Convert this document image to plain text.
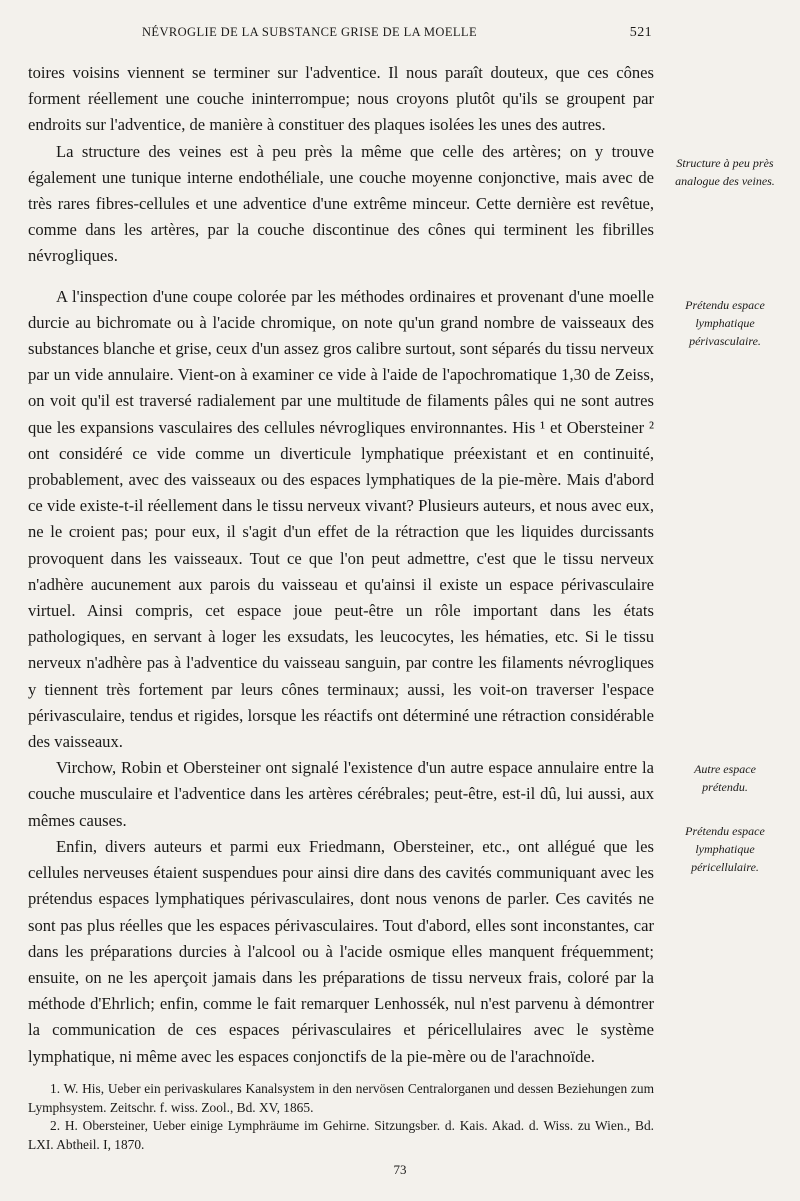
NÉVROGLIE DE LA SUBSTANCE GRISE DE LA MOELLE	521

toires voisins viennent se terminer sur l'adventice. Il nous paraît douteux, que ces cônes forment réellement une couche ininterrompue; nous croyons plutôt qu'ils se groupent par endroits sur l'adventice, de manière à constituer des plaques isolées les unes des autres.

La structure des veines est à peu près la même que celle des artères; on y trouve également une tunique interne endothéliale, une couche moyenne conjonctive, mais avec de très rares fibres-cellules et une adventice d'une extrême minceur. Cette dernière est revêtue, comme dans les artères, par la couche discontinue des cônes qui terminent les fibrilles névrogliques.

A l'inspection d'une coupe colorée par les méthodes ordinaires et provenant d'une moelle durcie au bichromate ou à l'acide chromique, on note qu'un grand nombre de vaisseaux des substances blanche et grise, ceux d'un assez gros calibre surtout, sont séparés du tissu nerveux par un vide annulaire. Vient-on à examiner ce vide à l'aide de l'apochromatique 1,30 de Zeiss, on voit qu'il est traversé radialement par une multitude de filaments pâles qui ne sont autres que les expansions vasculaires des cellules névrogliques environnantes. His ¹ et Obersteiner ² ont considéré ce vide comme un diverticule lymphatique préexistant et en continuité, probablement, avec des vaisseaux ou des espaces lymphatiques de la pie-mère. Mais d'abord ce vide existe-t-il réellement dans le tissu nerveux vivant? Plusieurs auteurs, et nous avec eux, ne le croient pas; pour eux, il s'agit d'un effet de la rétraction que les liquides durcissants provoquent dans les vaisseaux. Tout ce que l'on peut admettre, c'est que le tissu nerveux n'adhère aucunement aux parois du vaisseau et qu'ainsi il existe un espace périvasculaire virtuel. Ainsi compris, cet espace joue peut-être un rôle important dans les états pathologiques, en servant à loger les exsudats, les leucocytes, les hématies, etc. Si le tissu nerveux n'adhère pas à l'adventice du vaisseau sanguin, par contre les filaments névrogliques y tiennent très fortement par leurs cônes terminaux; aussi, les voit-on traverser l'espace périvasculaire, tendus et rigides, lorsque les réactifs ont déterminé une rétraction considérable des vaisseaux.

Virchow, Robin et Obersteiner ont signalé l'existence d'un autre espace annulaire entre la couche musculaire et l'adventice dans les artères cérébrales; peut-être, est-il dû, lui aussi, aux mêmes causes.

Enfin, divers auteurs et parmi eux Friedmann, Obersteiner, etc., ont allégué que les cellules nerveuses étaient suspendues pour ainsi dire dans des cavités communiquant avec les prétendus espaces lymphatiques périvasculaires, dont nous venons de parler. Ces cavités ne sont pas plus réelles que les espaces périvasculaires. Tout d'abord, elles sont inconstantes, car dans les préparations durcies à l'alcool ou à l'acide osmique elles manquent fréquemment; ensuite, on ne les aperçoit jamais dans les préparations de tissu nerveux frais, coloré par la méthode d'Ehrlich; enfin, comme le fait remarquer Lenhossék, nul n'est parvenu à démontrer la communication de ces espaces périvasculaires et péricellulaires avec le système lymphatique, ni même avec les espaces conjonctifs de la pie-mère ou de l'arachnoïde.

Structure à peu près analogue des veines.
Prétendu espace lymphatique périvasculaire.
Autre espace prétendu.
Prétendu espace lymphatique péricellulaire.
1. W. His, Ueber ein perivaskulares Kanalsystem in den nervösen Centralorganen und dessen Beziehungen zum Lymphsystem. Zeitschr. f. wiss. Zool., Bd. XV, 1865.
2. H. Obersteiner, Ueber einige Lymphräume im Gehirne. Sitzungsber. d. Kais. Akad. d. Wiss. zu Wien., Bd. LXI. Abtheil. I, 1870.
73
